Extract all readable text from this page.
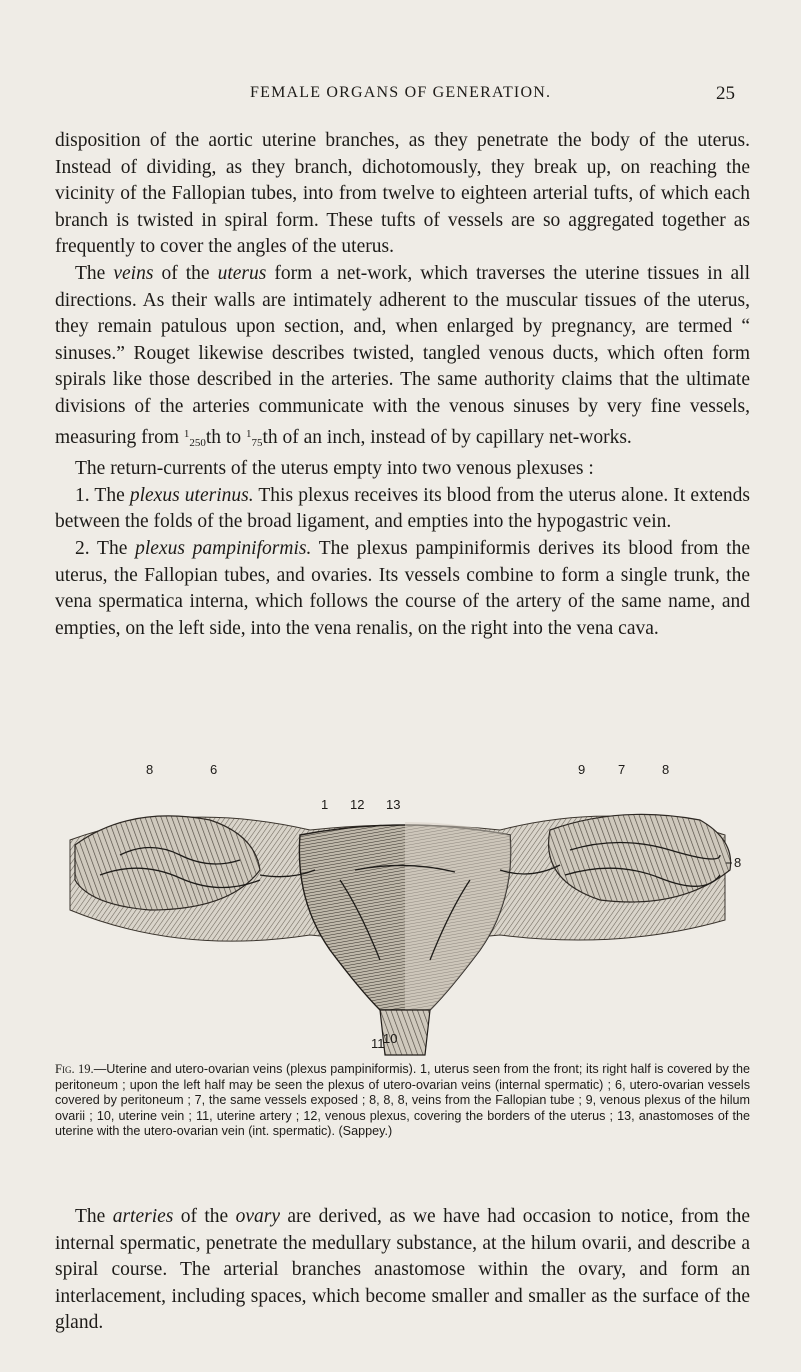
FEMALE ORGANS OF GENERATION.	25

disposition of the aortic uterine branches, as they penetrate the body of the uterus. Instead of dividing, as they branch, dichotomously, they break up, on reaching the vicinity of the Fallopian tubes, into from twelve to eighteen arterial tufts, of which each branch is twisted in spiral form. These tufts of vessels are so aggregated together as frequently to cover the angles of the uterus.

The veins of the uterus form a net-work, which traverses the uterine tissues in all directions. As their walls are intimately adherent to the muscular tissues of the uterus, they remain patulous upon section, and, when enlarged by pregnancy, are termed “ sinuses.” Rouget likewise describes twisted, tangled venous ducts, which often form spirals like those described in the arteries. The same authority claims that the ultimate divisions of the arteries communicate with the venous sinuses by very fine vessels, measuring from $^1$250th to $^1$75th of an inch, instead of by capillary net-works.

The return-currents of the uterus empty into two venous plexuses :

1. The plexus uterinus. This plexus receives its blood from the uterus alone. It extends between the folds of the broad ligament, and empties into the hypogastric vein.

2. The plexus pampiniformis. The plexus pampiniformis derives its blood from the uterus, the Fallopian tubes, and ovaries. Its vessels combine to form a single trunk, the vena spermatica interna, which follows the course of the artery of the same name, and empties, on the left side, into the vena renalis, on the right into the vena cava.

8	6	9	7	8
1 12 13
8
11
10
Fig. 19.—Uterine and utero-ovarian veins (plexus pampiniformis). 1, uterus seen from the front; its right half is covered by the peritoneum ; upon the left half may be seen the plexus of utero-ovarian veins (internal spermatic) ; 6, utero-ovarian vessels covered by peritoneum ; 7, the same vessels exposed ; 8, 8, 8, veins from the Fallopian tube ; 9, venous plexus of the hilum ovarii ; 10, uterine vein ; 11, uterine artery ; 12, venous plexus, covering the borders of the uterus ; 13, anastomoses of the uterine with the utero-ovarian vein (int. spermatic). (Sappey.)

The arteries of the ovary are derived, as we have had occasion to notice, from the internal spermatic, penetrate the medullary substance, at the hilum ovarii, and describe a spiral course. The arterial branches anastomose within the ovary, and form an interlacement, including spaces, which become smaller and smaller as the surface of the gland.
